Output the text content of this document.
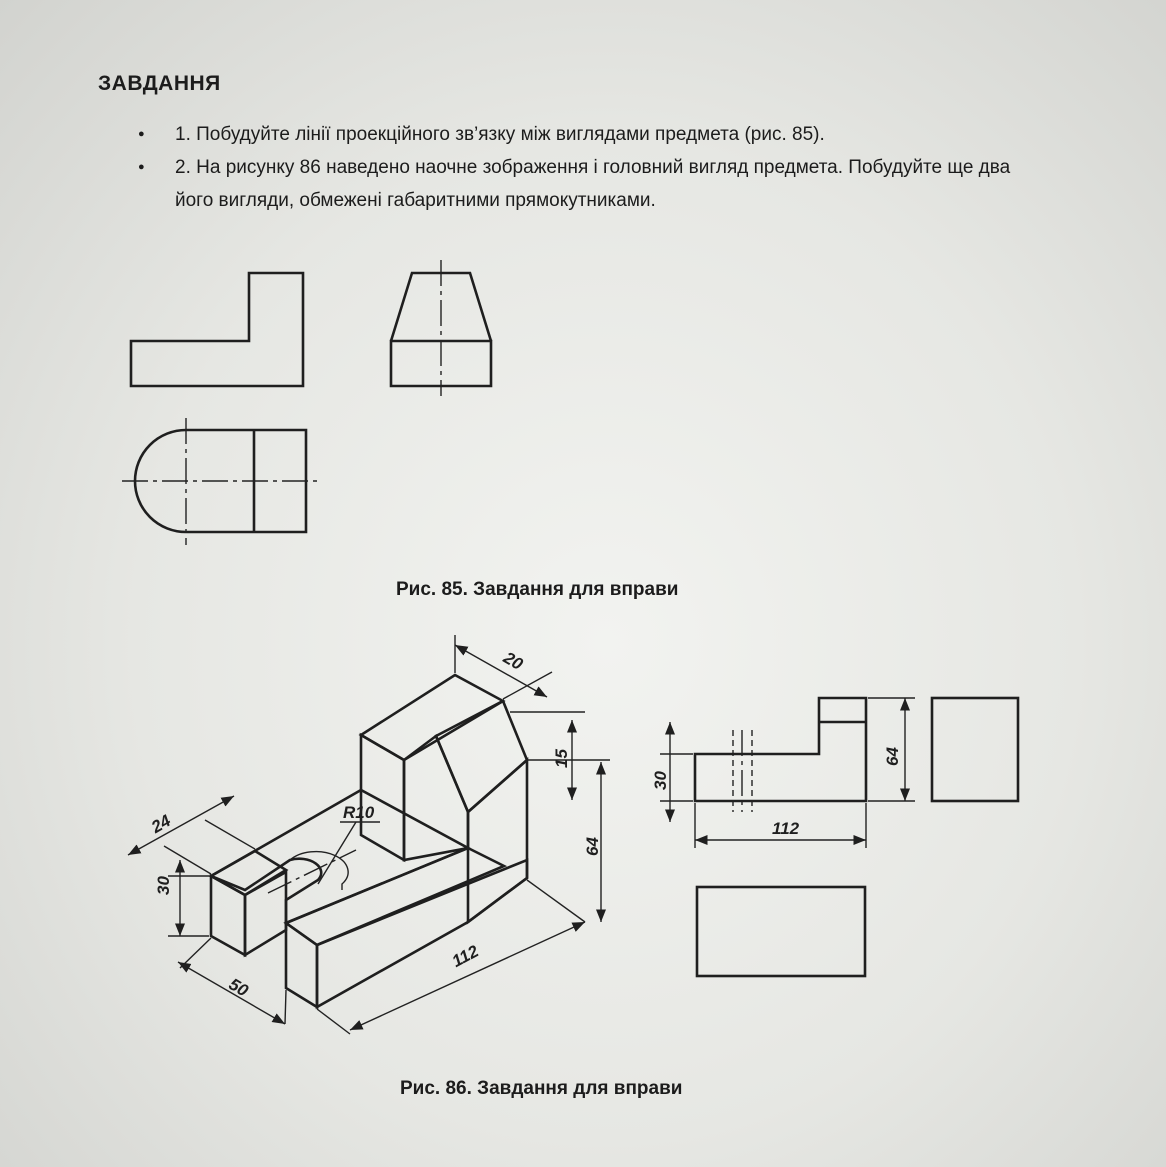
ЗАВДАННЯ
● 1. Побудуйте лінії проекційного зв’язку між виглядами предмета (рис. 85).
● 2. На рисунку 86 наведено наочне зображення і головний вигляд предмета. Побудуйте ще два його вигляди, обмежені габаритними прямокутниками.
20
15
64
R10
24
30
50
112
30
64
112
Рис. 85. Завдання для вправи
Рис. 86. Завдання для вправи
